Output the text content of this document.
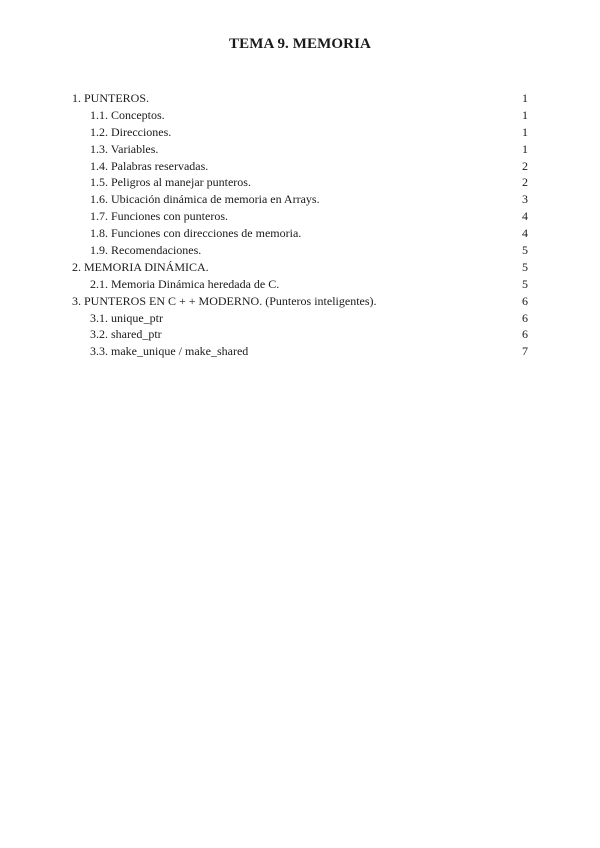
TEMA 9. MEMORIA
1. PUNTEROS.	1
1.1. Conceptos.	1
1.2. Direcciones.	1
1.3. Variables.	1
1.4. Palabras reservadas.	2
1.5. Peligros al manejar punteros.	2
1.6. Ubicación dinámica de memoria en Arrays.	3
1.7. Funciones con punteros.	4
1.8. Funciones con direcciones de memoria.	4
1.9. Recomendaciones.	5
2. MEMORIA DINÁMICA.	5
2.1. Memoria Dinámica heredada de C.	5
3. PUNTEROS EN C + + MODERNO. (Punteros inteligentes).	6
3.1. unique_ptr	6
3.2. shared_ptr	6
3.3. make_unique / make_shared	7
